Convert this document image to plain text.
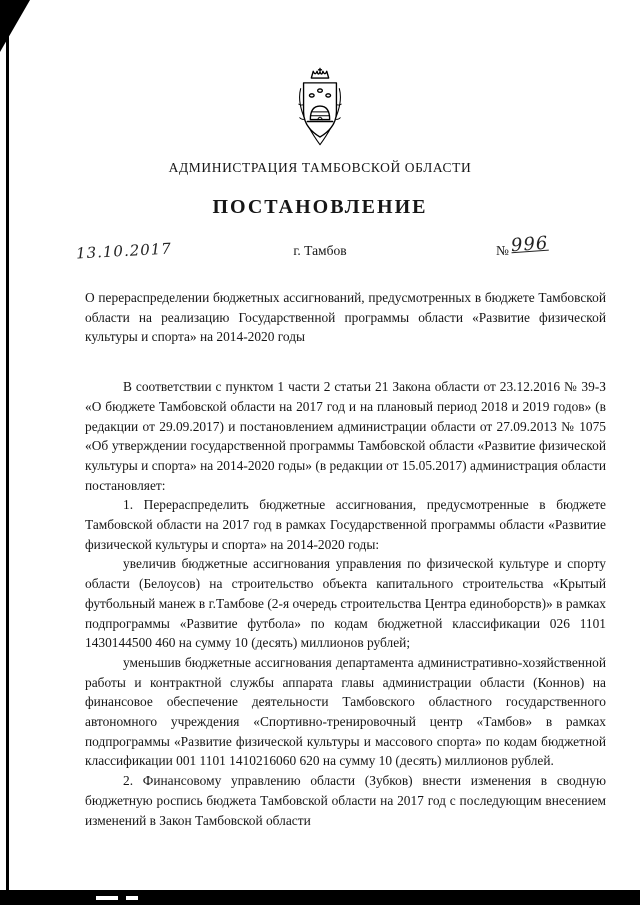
АДМИНИСТРАЦИЯ ТАМБОВСКОЙ ОБЛАСТИ
ПОСТАНОВЛЕНИЕ
13.10.2017	г. Тамбов	№ 996

О перераспределении бюджетных ассигнований, предусмотренных в бюджете Тамбовской области на реализацию Государственной программы области «Развитие физической культуры и спорта» на 2014-2020 годы

В соответствии с пунктом 1 части 2 статьи 21 Закона области от 23.12.2016 № 39-З «О бюджете Тамбовской области на 2017 год и на плановый период 2018 и 2019 годов» (в редакции от 29.09.2017) и постановлением администрации области от 27.09.2013 № 1075 «Об утверждении государственной программы Тамбовской области «Развитие физической культуры и спорта» на 2014-2020 годы» (в редакции от 15.05.2017) администрация области постановляет:

1. Перераспределить бюджетные ассигнования, предусмотренные в бюджете Тамбовской области на 2017 год в рамках Государственной программы области «Развитие физической культуры и спорта» на 2014-2020 годы:

увеличив бюджетные ассигнования управления по физической культуре и спорту области (Белоусов) на строительство объекта капитального строительства «Крытый футбольный манеж в г.Тамбове (2-я очередь строительства Центра единоборств)» в рамках подпрограммы «Развитие футбола» по кодам бюджетной классификации 026 1101 1430144500 460 на сумму 10 (десять) миллионов рублей;

уменьшив бюджетные ассигнования департамента административно-хозяйственной работы и контрактной службы аппарата главы администрации области (Коннов) на финансовое обеспечение деятельности Тамбовского областного государственного автономного учреждения «Спортивно-тренировочный центр «Тамбов» в рамках подпрограммы «Развитие физической культуры и массового спорта» по кодам бюджетной классификации 001 1101 1410216060 620 на сумму 10 (десять) миллионов рублей.

2. Финансовому управлению области (Зубков) внести изменения в сводную бюджетную роспись бюджета Тамбовской области на 2017 год с последующим внесением изменений в Закон Тамбовской области
